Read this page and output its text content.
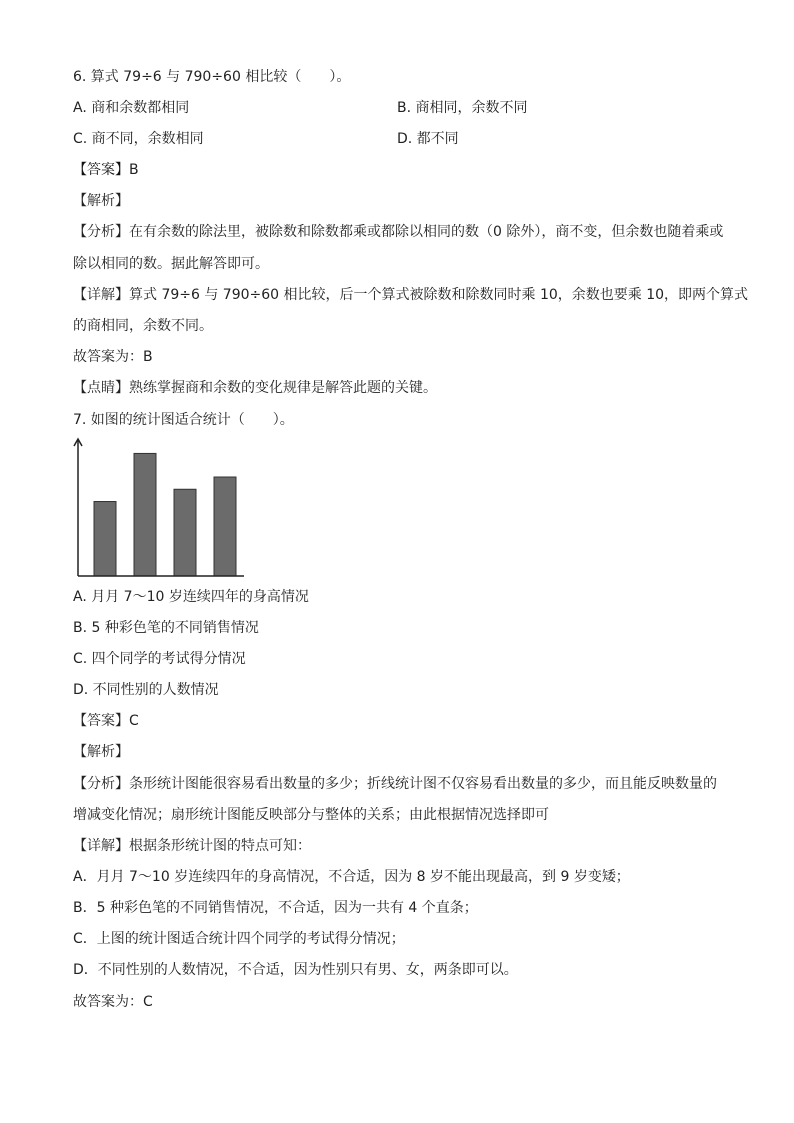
6. 算式 79÷6 与 790÷60 相比较（　　）。
A. 商和余数都相同	B. 商相同，余数不同
C. 商不同，余数相同	D. 都不同
【答案】B
【解析】
【分析】在有余数的除法里，被除数和除数都乘或都除以相同的数（0 除外），商不变，但余数也随着乘或
除以相同的数。据此解答即可。
【详解】算式 79÷6 与 790÷60 相比较，后一个算式被除数和除数同时乘 10，余数也要乘 10，即两个算式
的商相同，余数不同。
故答案为：B
【点睛】熟练掌握商和余数的变化规律是解答此题的关键。
7. 如图的统计图适合统计（　　）。
A. 月月 7～10 岁连续四年的身高情况
B. 5 种彩色笔的不同销售情况
C. 四个同学的考试得分情况
D. 不同性别的人数情况
【答案】C
【解析】
【分析】条形统计图能很容易看出数量的多少；折线统计图不仅容易看出数量的多少，而且能反映数量的
增减变化情况；扇形统计图能反映部分与整体的关系；由此根据情况选择即可
【详解】根据条形统计图的特点可知：
A．月月 7～10 岁连续四年的身高情况，不合适，因为 8 岁不能出现最高，到 9 岁变矮；
B．5 种彩色笔的不同销售情况，不合适，因为一共有 4 个直条；
C．上图的统计图适合统计四个同学的考试得分情况；
D．不同性别的人数情况，不合适，因为性别只有男、女，两条即可以。
故答案为：C
